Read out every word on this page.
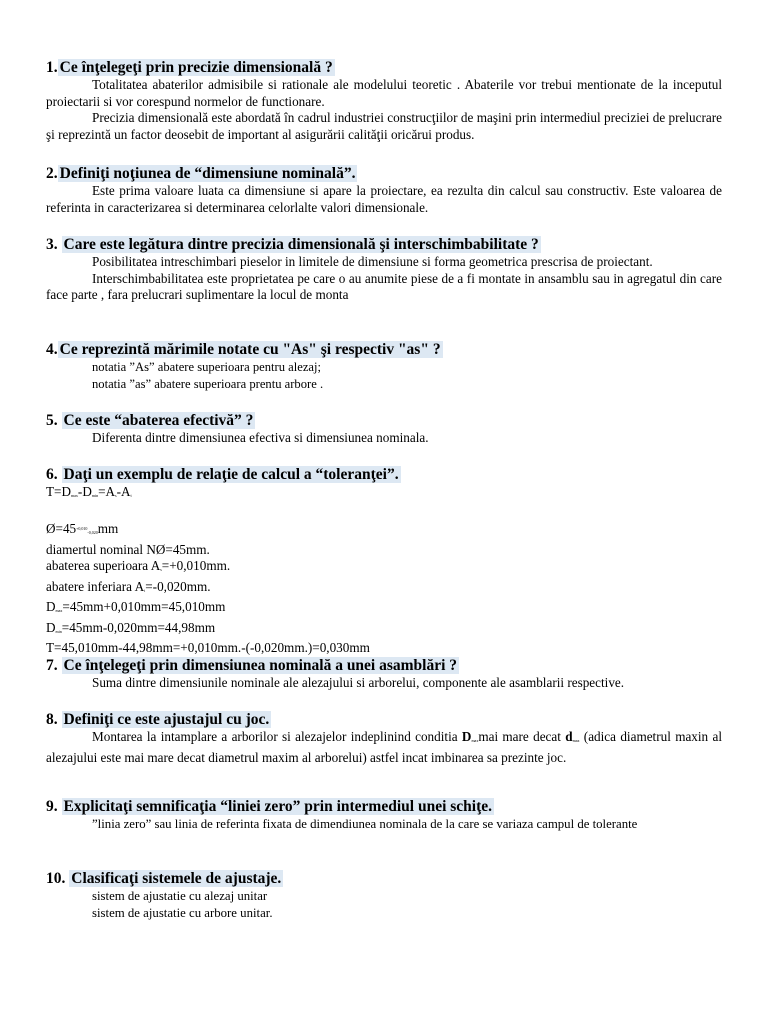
1. Ce înţelegeţi prin precizie dimensională ?

Totalitatea abaterilor admisibile si rationale ale modelului teoretic . Abaterile vor trebui mentionate de la inceputul proiectarii si vor corespund normelor de functionare.

Precizia dimensională este abordată în cadrul industriei construcţiilor de maşini prin intermediul preciziei de prelucrare şi reprezintă un factor deosebit de important al asigurării calităţii oricărui produs.

2. Definiţi noţiunea de “dimensiune nominală”.

Este prima valoare luata ca dimensiune si apare la proiectare, ea rezulta din calcul sau constructiv. Este valoarea de referinta in caracterizarea si determinarea celorlalte valori dimensionale.

3. Care este legătura dintre precizia dimensională şi interschimbabilitate ?

Posibilitatea intreschimbari pieselor in limitele de dimensiune si forma geometrica prescrisa de proiectant.

Interschimbabilitatea este proprietatea pe care o au anumite piese de a fi montate in ansamblu sau in agregatul din care face parte , fara prelucrari suplimentare la locul de monta

4. Ce reprezintă mărimile notate cu "As" şi respectiv "as" ?

notatia ”As” abatere superioara pentru alezaj;

notatia ”as” abatere superioara prentu arbore .

5. Ce este “abaterea efectivă” ?

Diferenta dintre dimensiunea efectiva si dimensiunea nominala.

6. Daţi un exemplu de relaţie de calcul a “toleranţei”.

$T=D_{max}-D_{min}=A_s-A_i$

$Ø=45^{+0,010}_{-0,020}mm$

diamertul nominal NØ=45mm.

abaterea superioara $A_s=+0,010mm$.

abatere inferiara $A_i=-0,020mm$.

$D_{max}=45mm+0,010mm=45,010mm$

$D_{min}=45mm-0,020mm=44,98mm$

T=45,010mm-44,98mm=+0,010mm.-(-0,020mm.)=0,030mm

7. Ce înţelegeţi prin dimensiunea nominală a unei asamblări ?

Suma dintre dimensiunile nominale ale alezajului si arborelui, componente ale asamblarii respective.

8. Definiţi ce este ajustajul cu joc.

Montarea la intamplare a arborilor si alezajelor indeplinind conditia $D_{max}mai$ mare decat $d_{max}$ (adica diametrul maxin al alezajului este mai mare decat diametrul maxim al arborelui) astfel incat imbinarea sa prezinte joc.

9. Explicitaţi semnificaţia “liniei zero” prin intermediul unei schiţe.

”linia zero” sau linia de referinta fixata de dimendiunea nominala de la care se variaza campul de tolerante

10. Clasificaţi sistemele de ajustaje.

sistem de ajustatie cu alezaj unitar

sistem de ajustatie cu arbore unitar.
